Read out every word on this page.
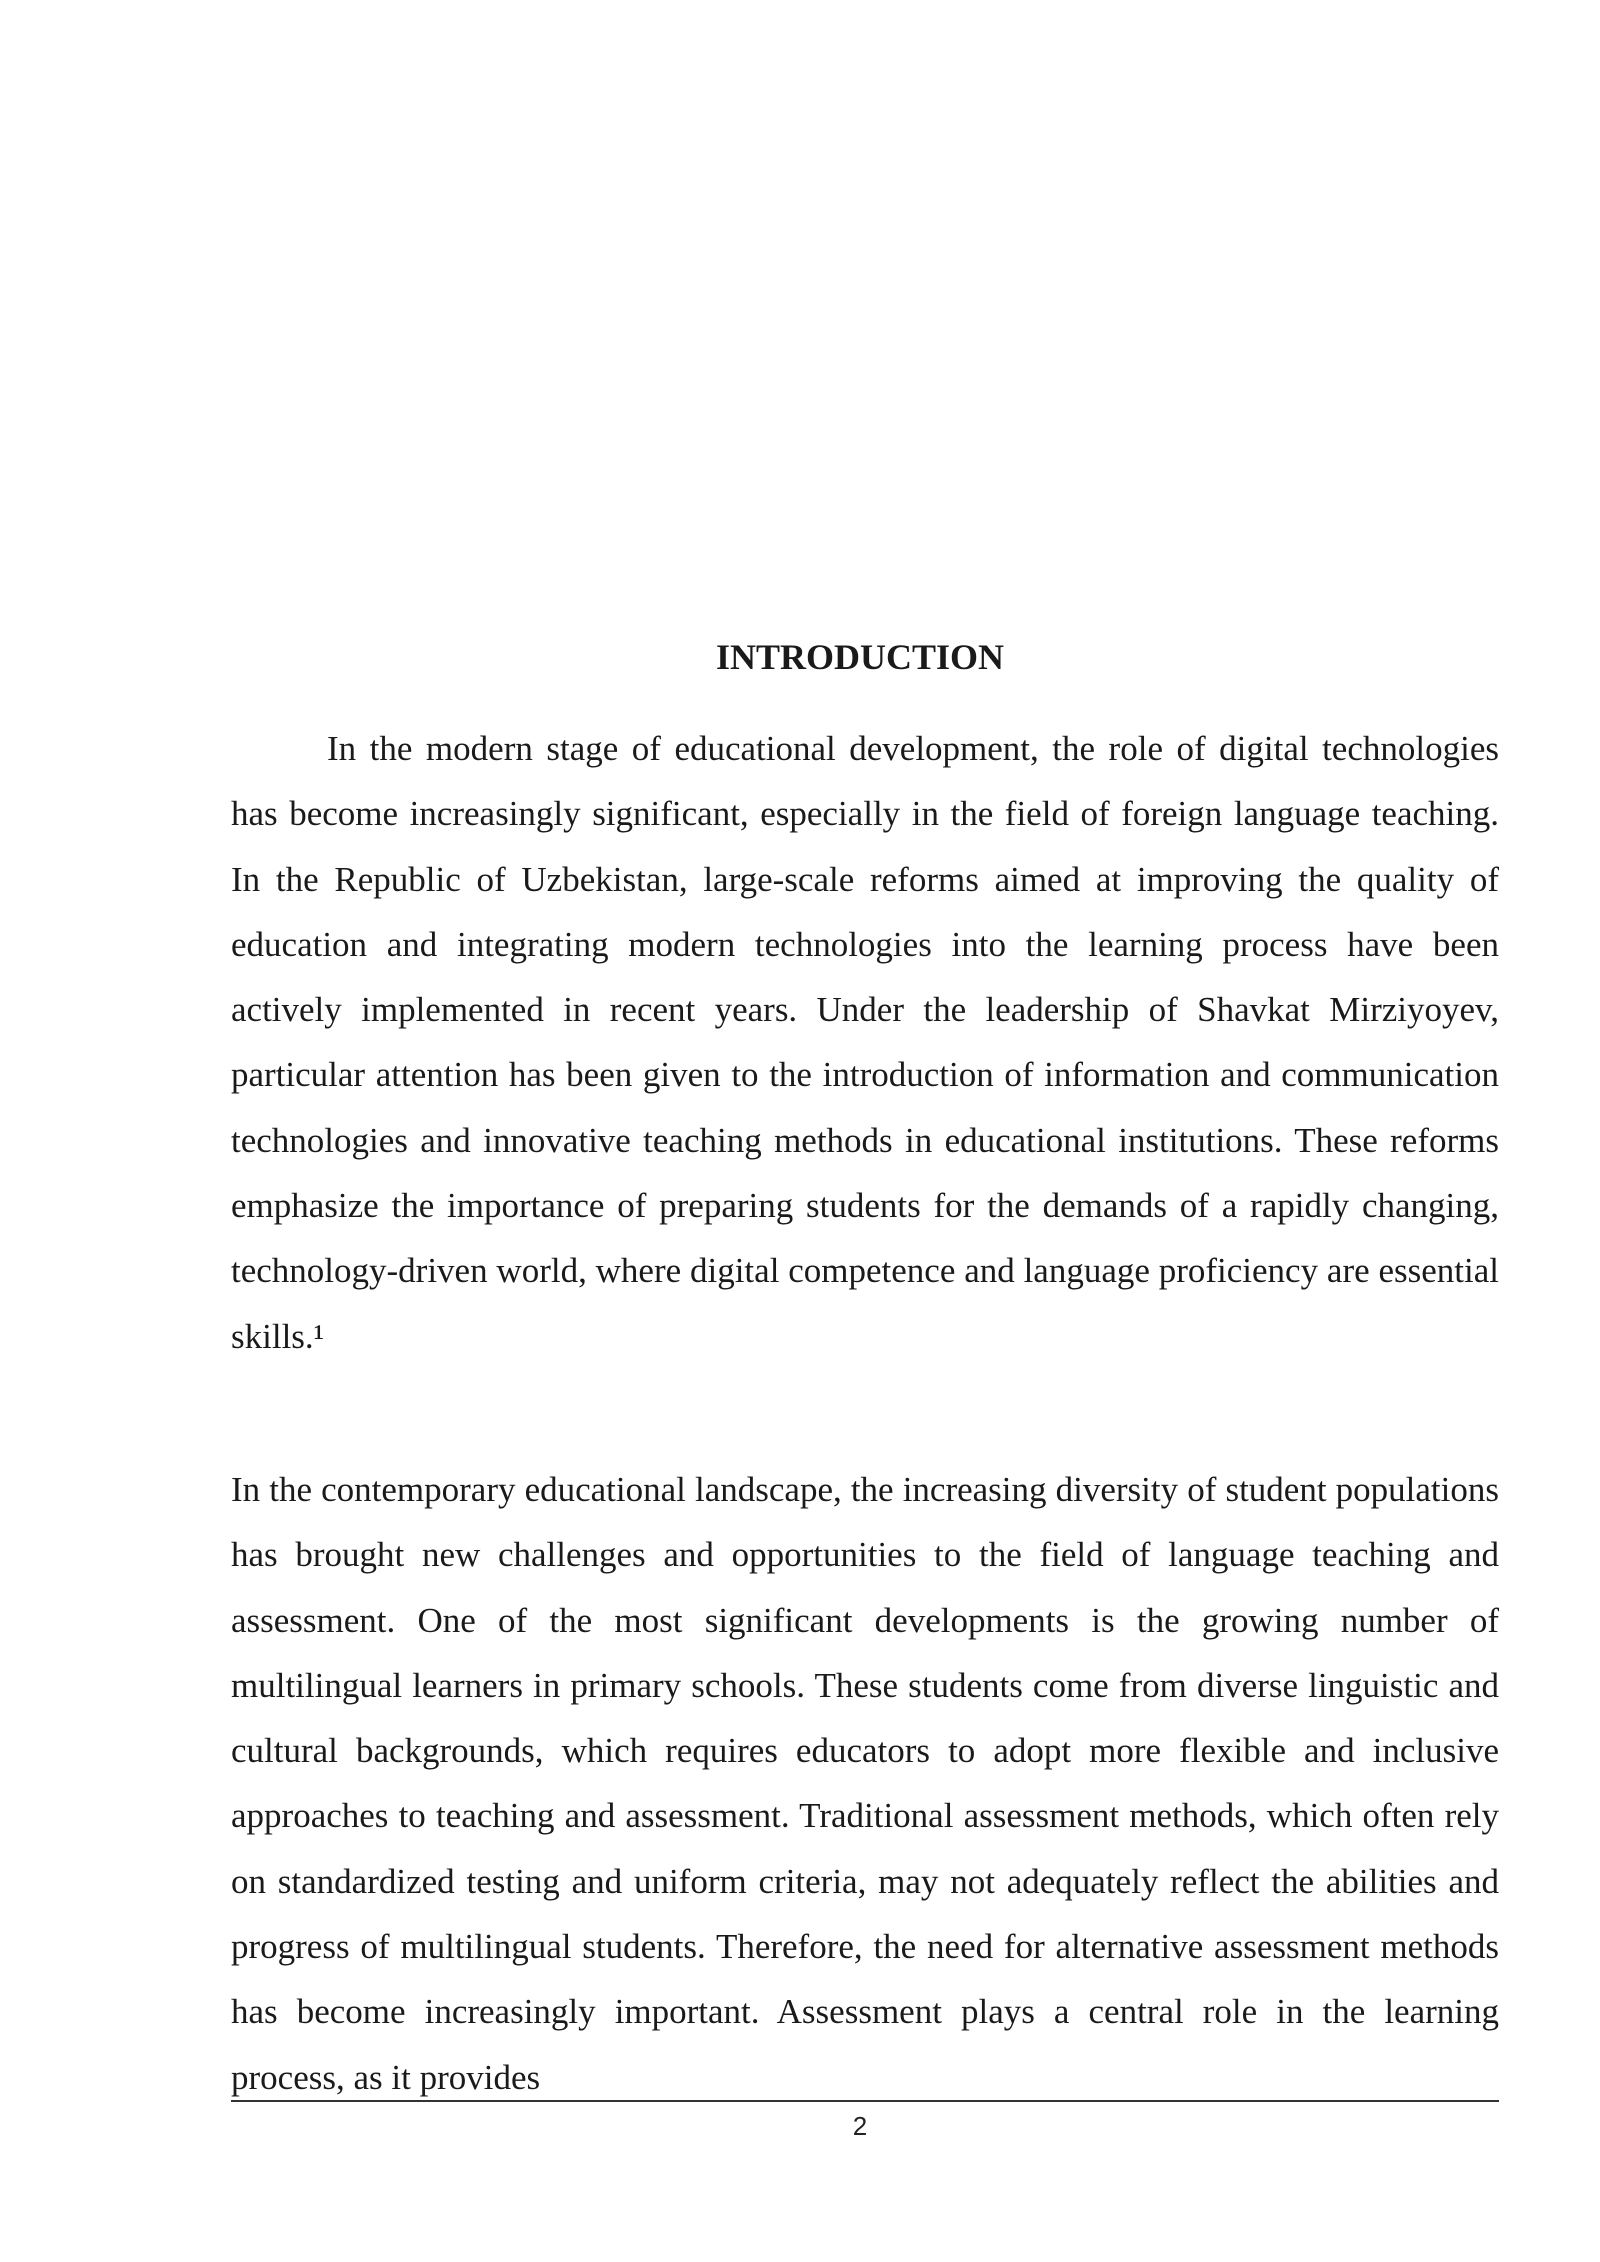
INTRODUCTION

In the modern stage of educational development, the role of digital technologies has become increasingly significant, especially in the field of foreign language teaching. In the Republic of Uzbekistan, large-scale reforms aimed at improving the quality of education and integrating modern technologies into the learning process have been actively implemented in recent years. Under the leadership of Shavkat Mirziyoyev, particular attention has been given to the introduction of information and communication technologies and innovative teaching methods in educational institutions. These reforms emphasize the importance of preparing students for the demands of a rapidly changing, technology-driven world, where digital competence and language proficiency are essential skills.¹

In the contemporary educational landscape, the increasing diversity of student populations has brought new challenges and opportunities to the field of language teaching and assessment. One of the most significant developments is the growing number of multilingual learners in primary schools. These students come from diverse linguistic and cultural backgrounds, which requires educators to adopt more flexible and inclusive approaches to teaching and assessment. Traditional assessment methods, which often rely on standardized testing and uniform criteria, may not adequately reflect the abilities and progress of multilingual students. Therefore, the need for alternative assessment methods has become increasingly important. Assessment plays a central role in the learning process, as it provides

2
